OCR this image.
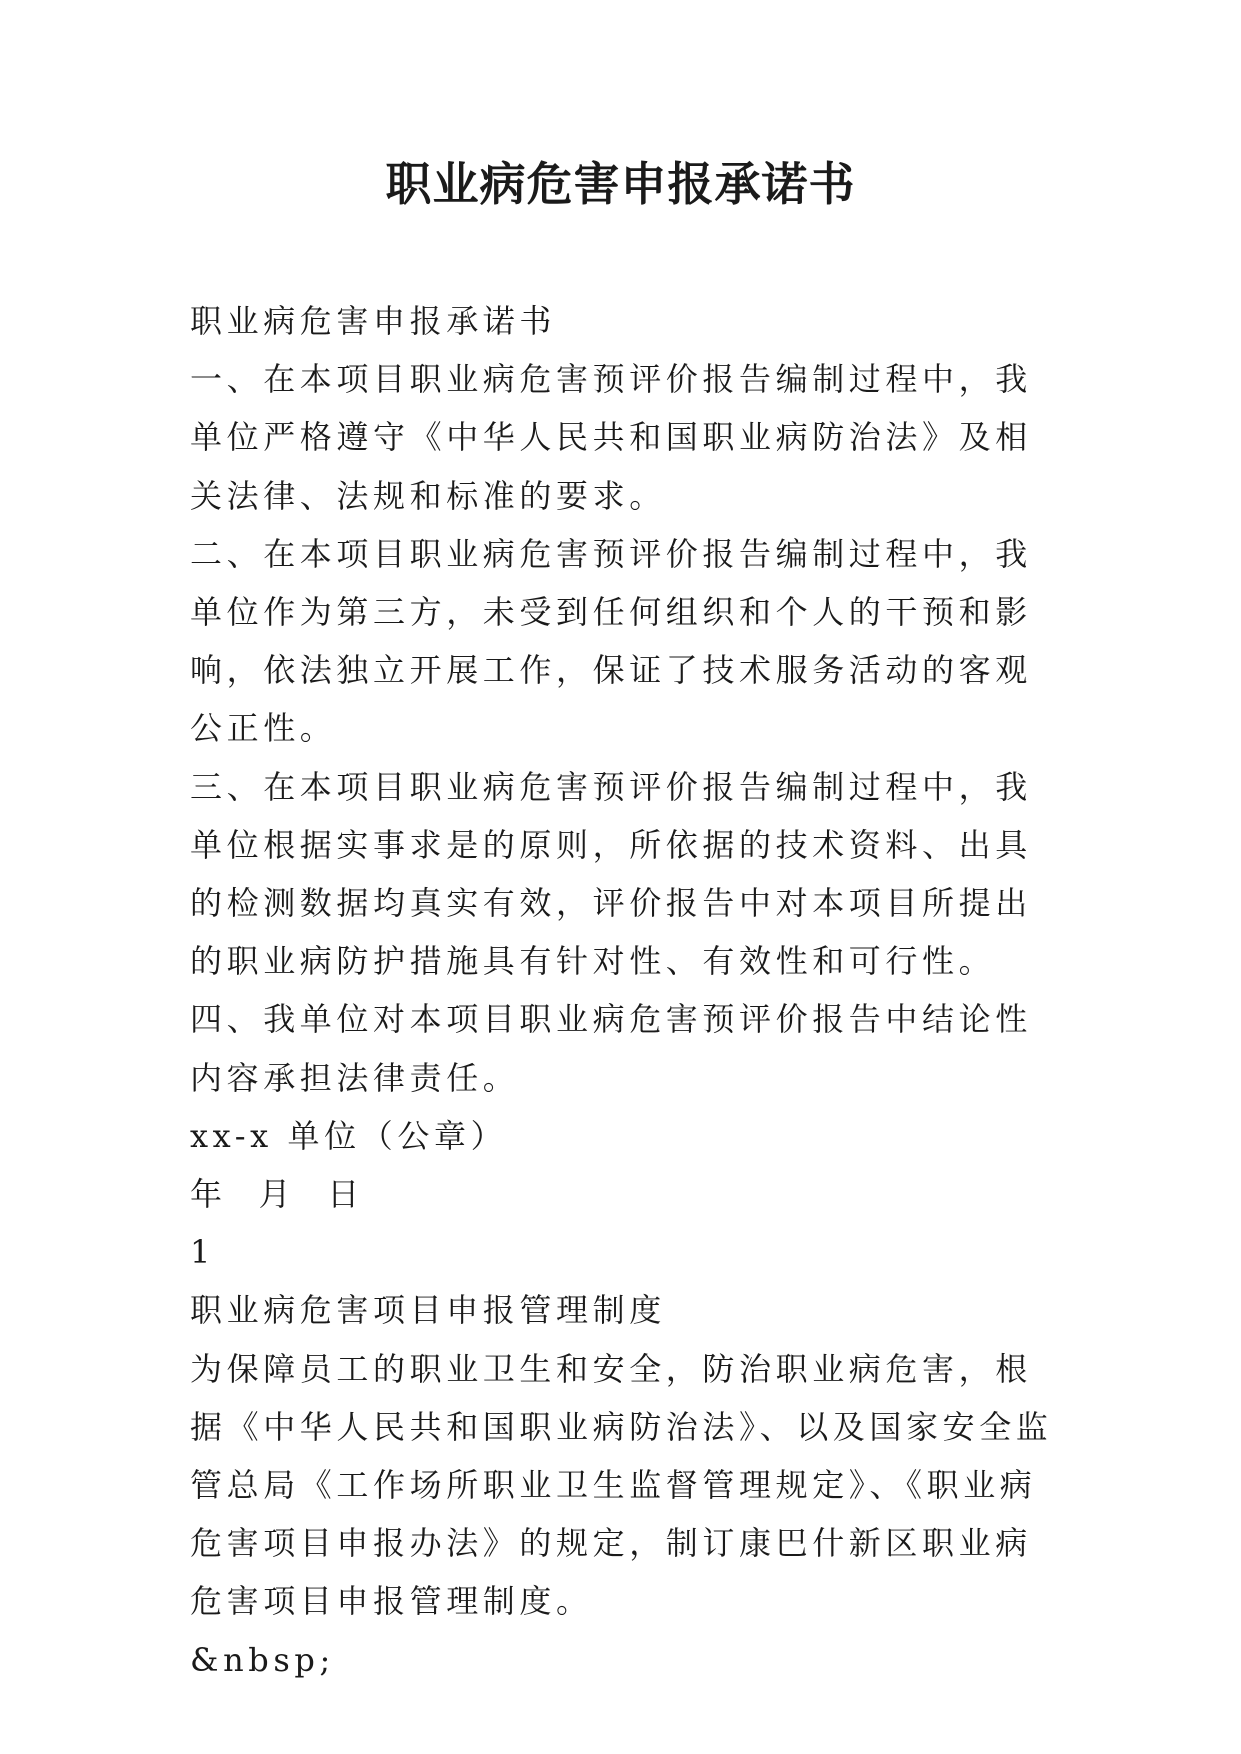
职业病危害申报承诺书

职业病危害申报承诺书

一、在本项目职业病危害预评价报告编制过程中，我单位严格遵守《中华人民共和国职业病防治法》及相关法律、法规和标准的要求。

二、在本项目职业病危害预评价报告编制过程中，我单位作为第三方，未受到任何组织和个人的干预和影响，依法独立开展工作，保证了技术服务活动的客观公正性。

三、在本项目职业病危害预评价报告编制过程中，我单位根据实事求是的原则，所依据的技术资料、出具的检测数据均真实有效，评价报告中对本项目所提出的职业病防护措施具有针对性、有效性和可行性。

四、我单位对本项目职业病危害预评价报告中结论性内容承担法律责任。

xx-x 单位（公章）

年 月 日

1

职业病危害项目申报管理制度

为保障员工的职业卫生和安全，防治职业病危害，根据《中华人民共和国职业病防治法》、以及国家安全监管总局《工作场所职业卫生监督管理规定》、《职业病危害项目申报办法》的规定，制订康巴什新区职业病危害项目申报管理制度。

&nbsp;
